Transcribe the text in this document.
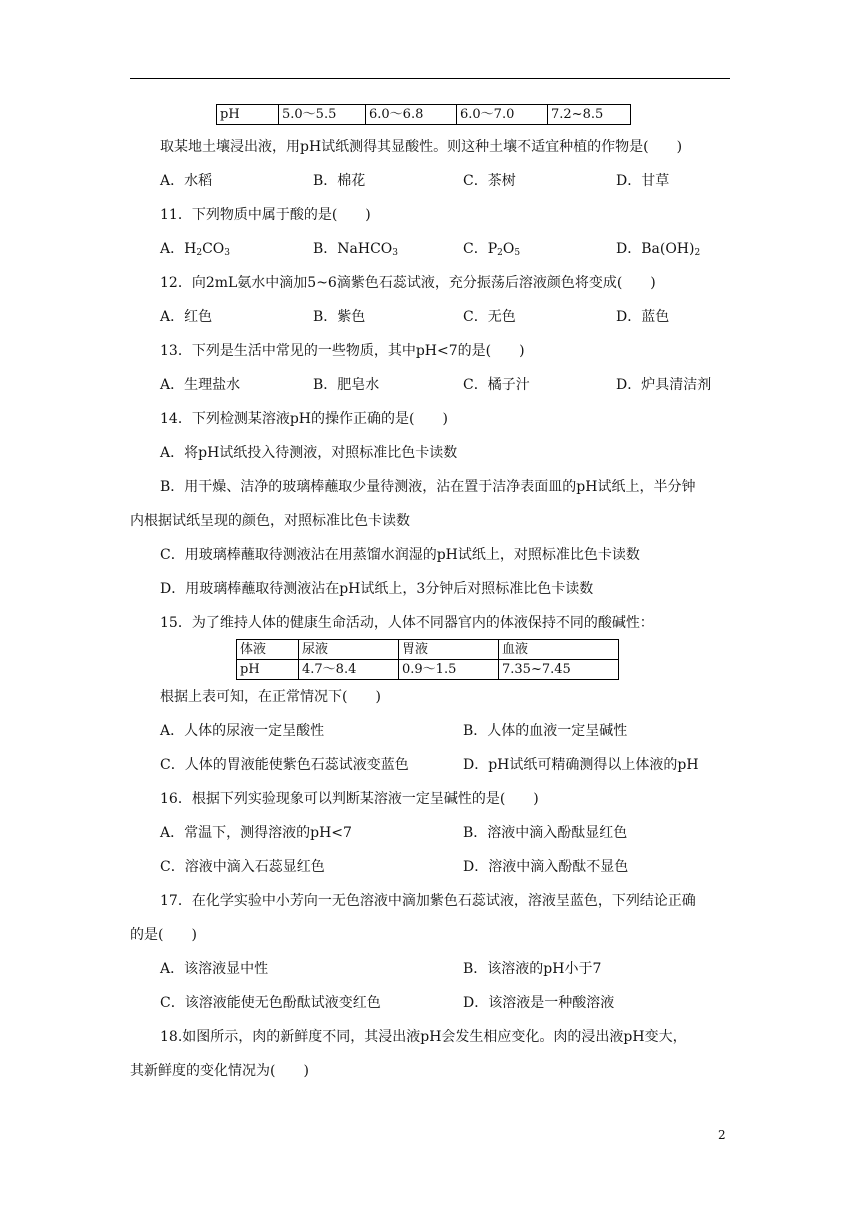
pH	5.0～5.5	6.0～6.8	6.0～7.0	7.2~8.5
取某地土壤浸出液，用pH试纸测得其显酸性。则这种土壤不适宜种植的作物是(　　)
A．水稻	B．棉花	C．茶树	D．甘草
11．下列物质中属于酸的是(　　)
A．$H_2CO_3$	B．NaHCO$_3$	C．$P_2O_5$	D．$Ba(OH)_2$
12．向2mL氨水中滴加5~6滴紫色石蕊试液，充分振荡后溶液颜色将变成(　　)
A．红色	B．紫色	C．无色	D．蓝色
13．下列是生活中常见的一些物质，其中pH<7的是(　　)
A．生理盐水	B．肥皂水	C．橘子汁	D．炉具清洁剂
14．下列检测某溶液pH的操作正确的是(　　)
A．将pH试纸投入待测液，对照标准比色卡读数
B．用干燥、洁净的玻璃棒蘸取少量待测液，沾在置于洁净表面皿的pH试纸上，半分钟
内根据试纸呈现的颜色，对照标准比色卡读数
C．用玻璃棒蘸取待测液沾在用蒸馏水润湿的pH试纸上，对照标准比色卡读数
D．用玻璃棒蘸取待测液沾在pH试纸上，3分钟后对照标准比色卡读数
15．为了维持人体的健康生命活动，人体不同器官内的体液保持不同的酸碱性：
体液	尿液	胃液	血液
pH	4.7～8.4	0.9～1.5	7.35~7.45
根据上表可知，在正常情况下(　　)
A．人体的尿液一定呈酸性	B．人体的血液一定呈碱性
C．人体的胃液能使紫色石蕊试液变蓝色	D．pH试纸可精确测得以上体液的pH
16．根据下列实验现象可以判断某溶液一定呈碱性的是(　　)
A．常温下，测得溶液的pH<7	B．溶液中滴入酚酞显红色
C．溶液中滴入石蕊显红色	D．溶液中滴入酚酞不显色
17．在化学实验中小芳向一无色溶液中滴加紫色石蕊试液，溶液呈蓝色，下列结论正确
的是(　　)
A．该溶液显中性	B．该溶液的pH小于7
C．该溶液能使无色酚酞试液变红色	D．该溶液是一种酸溶液
18.如图所示，肉的新鲜度不同，其浸出液pH会发生相应变化。肉的浸出液pH变大，
其新鲜度的变化情况为(　　)
2
